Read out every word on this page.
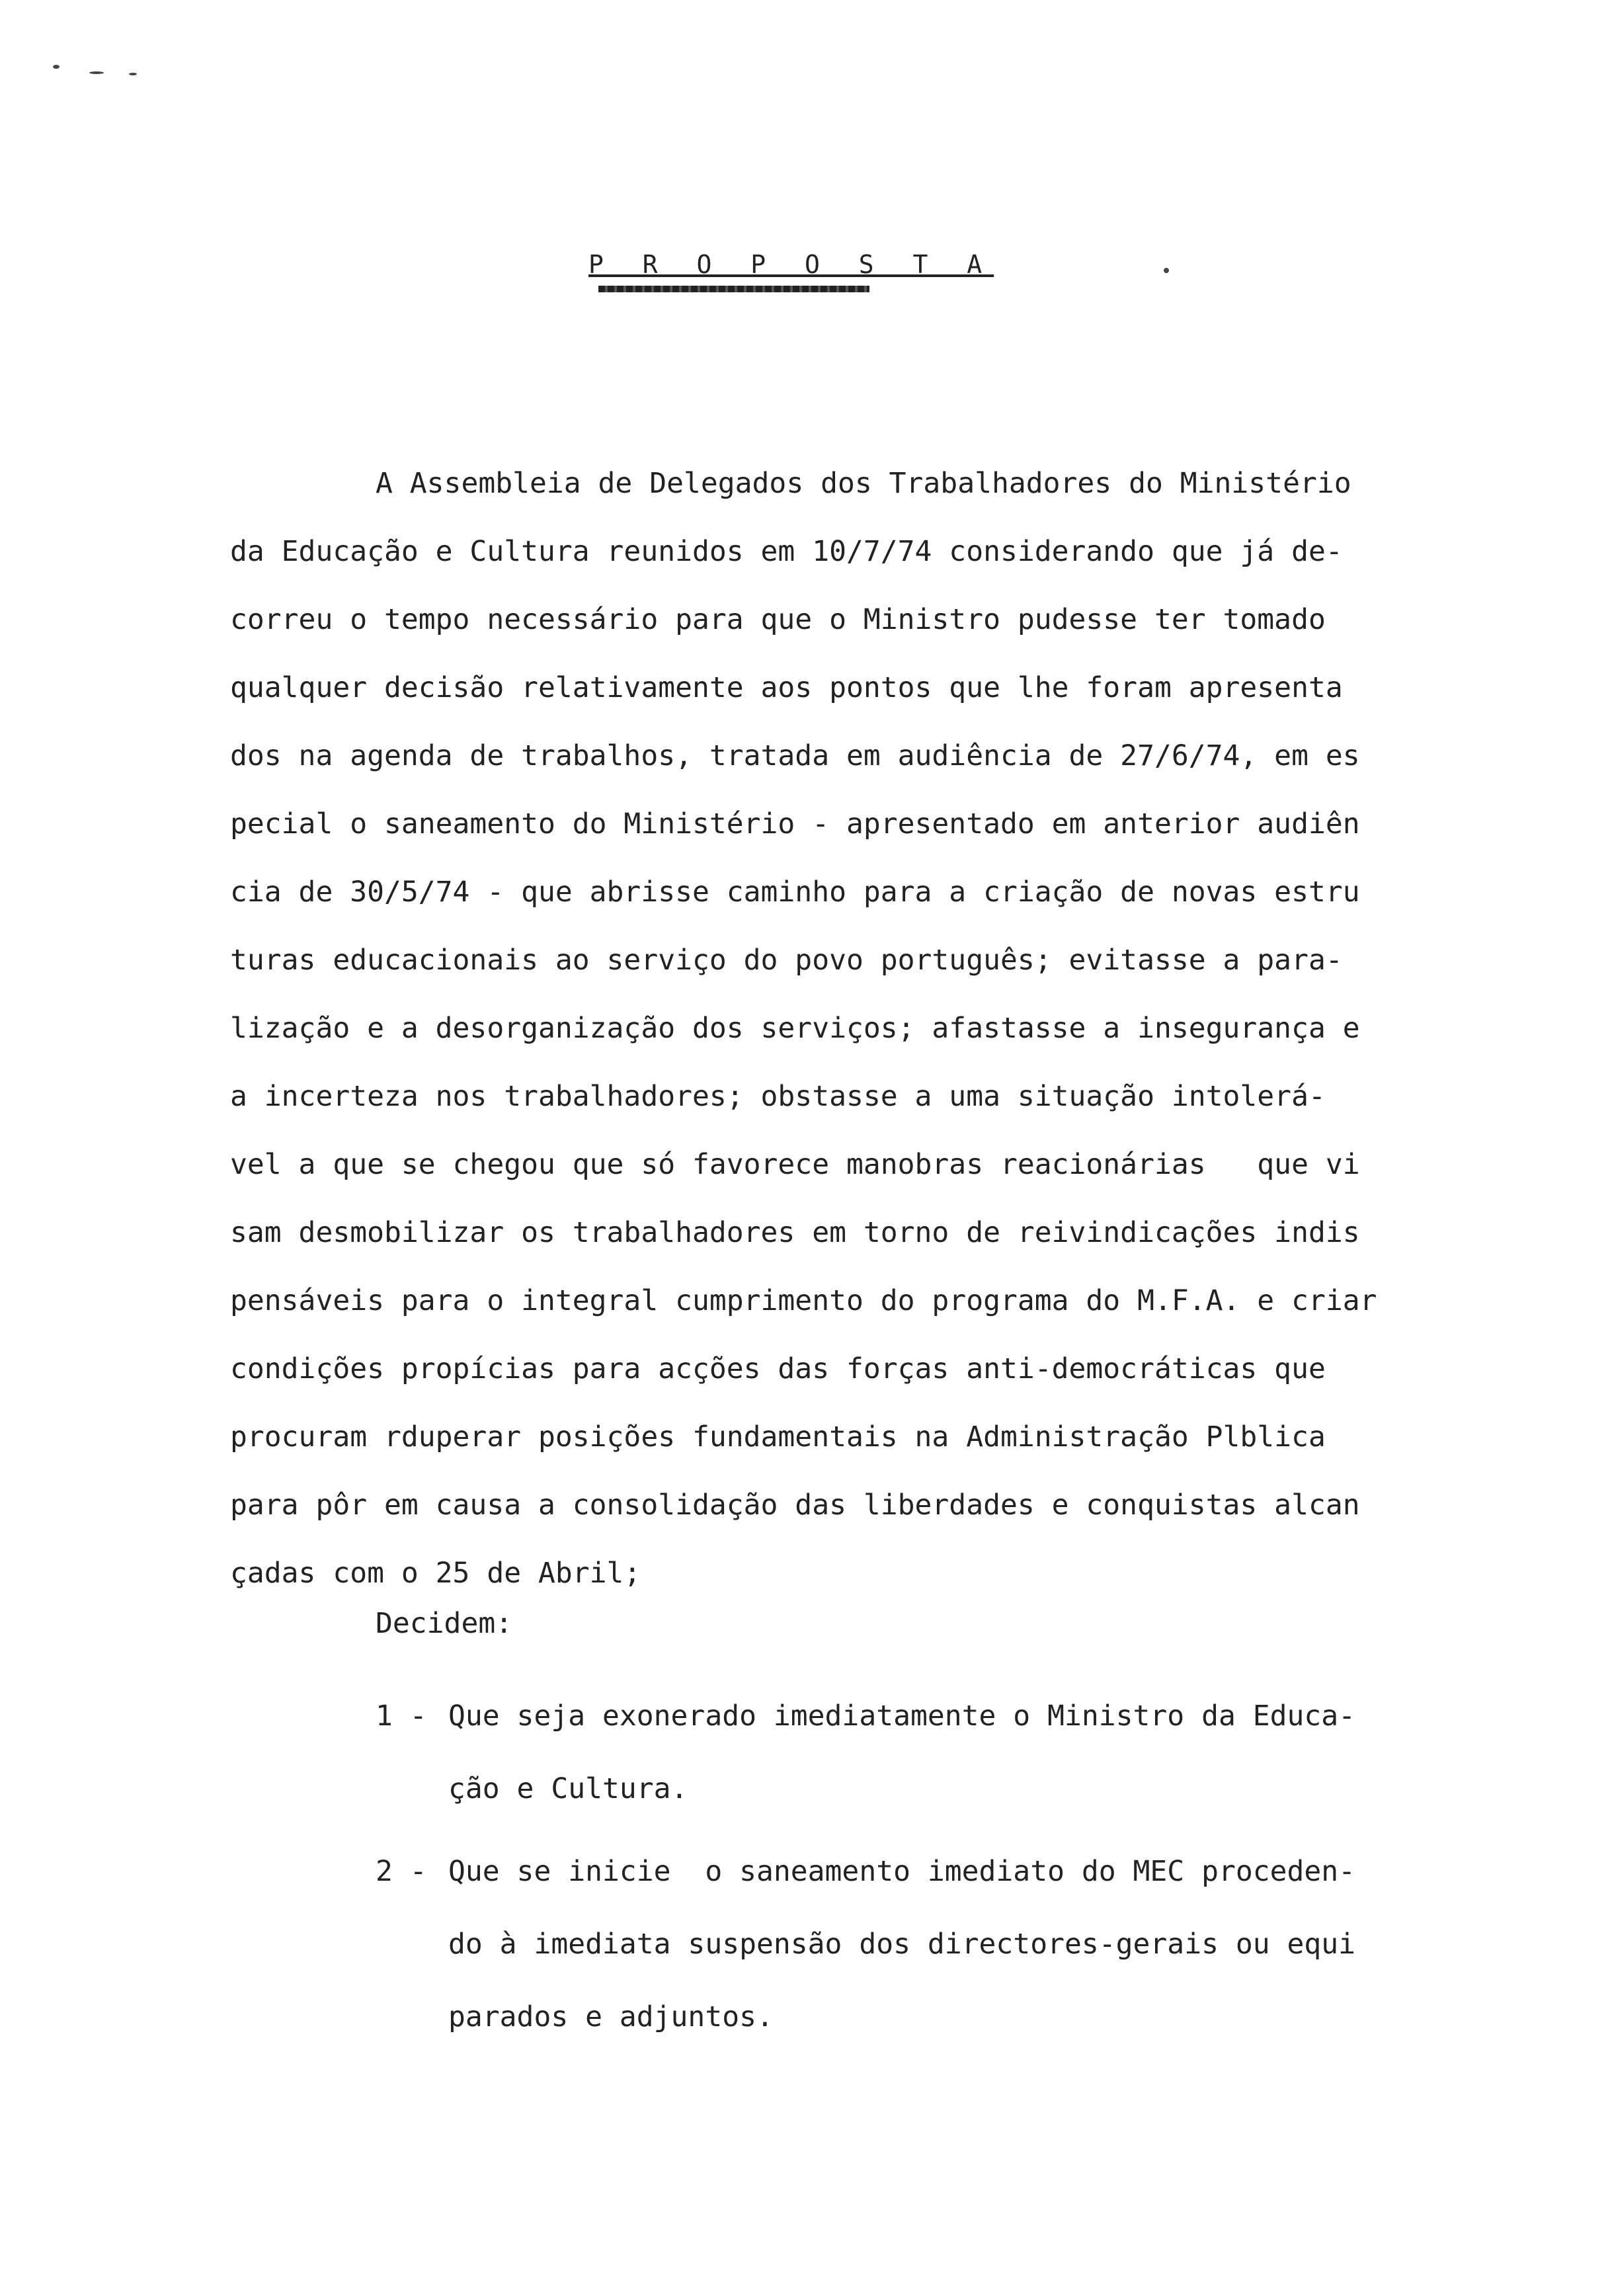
P R O P O S T A
A Assembleia de Delegados dos Trabalhadores do Ministério
da Educação e Cultura reunidos em 10/7/74 considerando que já de-
correu o tempo necessário para que o Ministro pudesse ter tomado
qualquer decisão relativamente aos pontos que lhe foram apresenta
dos na agenda de trabalhos, tratada em audiência de 27/6/74, em es
pecial o saneamento do Ministério - apresentado em anterior audiên
cia de 30/5/74 - que abrisse caminho para a criação de novas estru
turas educacionais ao serviço do povo português; evitasse a para-
lização e a desorganização dos serviços; afastasse a insegurança e
a incerteza nos trabalhadores; obstasse a uma situação intolerá-
vel a que se chegou que só favorece manobras reacionárias   que vi
sam desmobilizar os trabalhadores em torno de reivindicações indis
pensáveis para o integral cumprimento do programa do M.F.A. e criar
condições propícias para acções das forças anti-democráticas que
procuram rduperar posições fundamentais na Administração Plblica
para pôr em causa a consolidação das liberdades e conquistas alcan
çadas com o 25 de Abril;
Decidem:
1 - Que seja exonerado imediatamente o Ministro da Educa-
ção e Cultura.
2 - Que se inicie  o saneamento imediato do MEC proceden-
do à imediata suspensão dos directores-gerais ou equi
parados e adjuntos.
